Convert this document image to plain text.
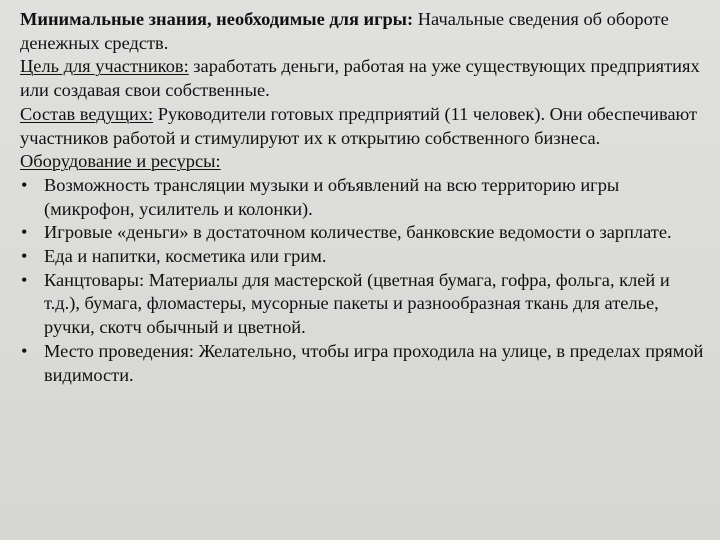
Минимальные знания, необходимые для игры: Начальные сведения об обороте денежных средств.

Цель для участников: заработать деньги, работая на уже существующих предприятиях или создавая свои собственные.

Состав ведущих: Руководители готовых предприятий (11 человек). Они обеспечивают участников работой и стимулируют их к открытию собственного бизнеса.

Оборудование и ресурсы:

• Возможность трансляции музыки и объявлений на всю территорию игры (микрофон, усилитель и колонки).
• Игровые «деньги» в достаточном количестве, банковские ведомости о зарплате.
• Еда и напитки, косметика или грим.
• Канцтовары: Материалы для мастерской (цветная бумага, гофра, фольга, клей и т.д.), бумага, фломастеры, мусорные пакеты и разнообразная ткань для ателье, ручки, скотч обычный и цветной.
• Место проведения: Желательно, чтобы игра проходила на улице, в пределах прямой видимости.
